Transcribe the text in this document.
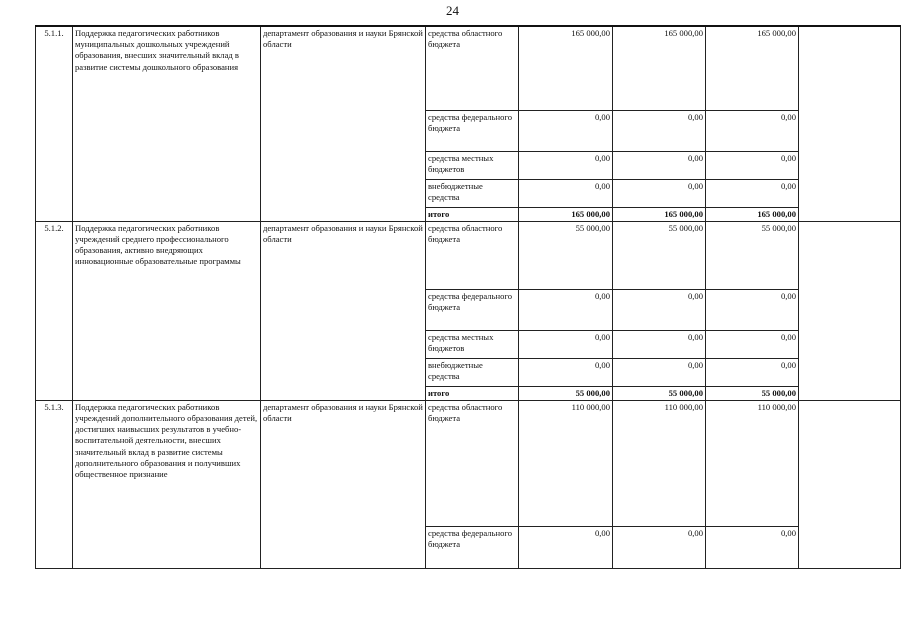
24
5.1.1.	Поддержка педагогических работников муниципальных дошкольных учреждений образования, внесших значительный вклад в развитие системы дошкольного образования	департамент образования и науки Брянской области	средства областного бюджета	165 000,00	165 000,00	165 000,00	
			средства федерального бюджета	0,00	0,00	0,00	
			средства местных бюджетов	0,00	0,00	0,00	
			внебюджетные средства	0,00	0,00	0,00	
			итого	165 000,00	165 000,00	165 000,00	
5.1.2.	Поддержка педагогических работников учреждений среднего профессионального образования, активно внедряющих инновационные образовательные программы	департамент образования и науки Брянской области	средства областного бюджета	55 000,00	55 000,00	55 000,00	
			средства федерального бюджета	0,00	0,00	0,00	
			средства местных бюджетов	0,00	0,00	0,00	
			внебюджетные средства	0,00	0,00	0,00	
			итого	55 000,00	55 000,00	55 000,00	
5.1.3.	Поддержка педагогических работников учреждений дополнительного образования детей, достигших наивысших результатов в учебно-воспитательной деятельности, внесших значительный вклад в развитие системы дополнительного образования и получивших общественное признание	департамент образования и науки Брянской области	средства областного бюджета	110 000,00	110 000,00	110 000,00	
			средства федерального бюджета	0,00	0,00	0,00	
